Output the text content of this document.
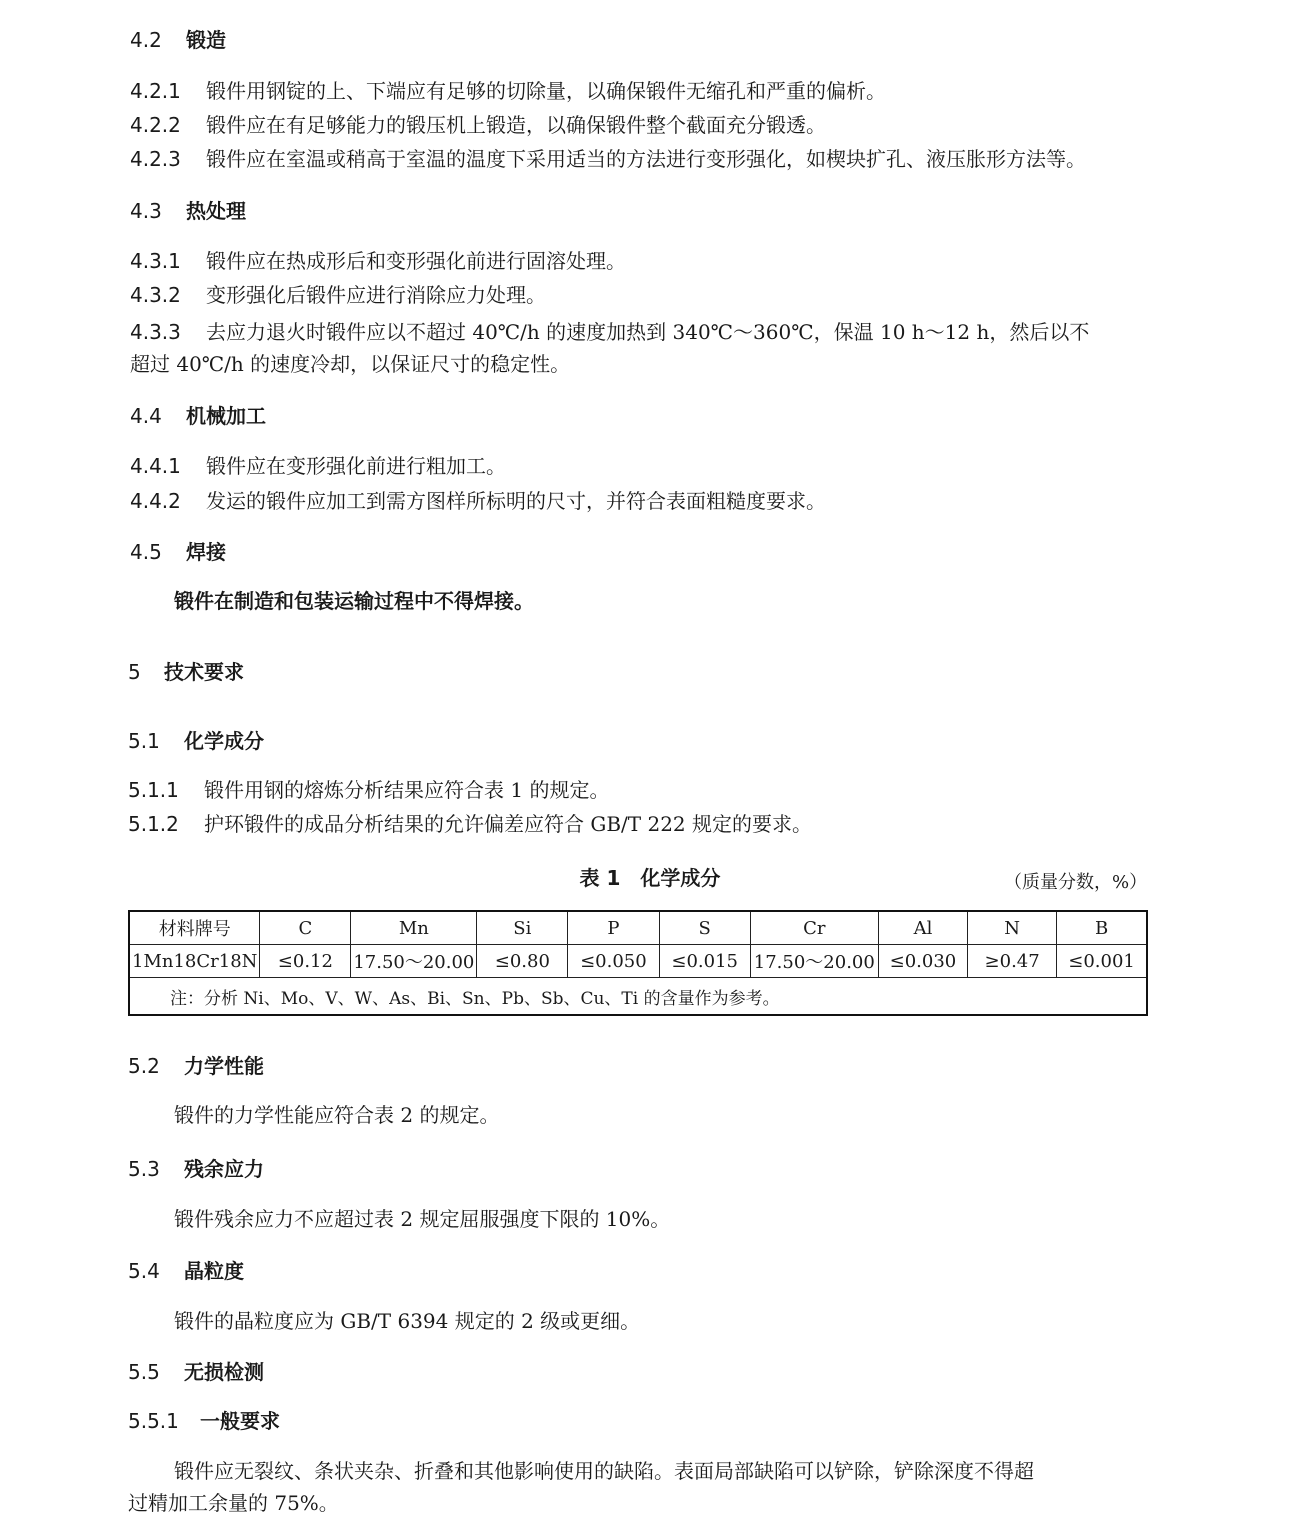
4.2 锻造
4.2.1 锻件用钢锭的上、下端应有足够的切除量，以确保锻件无缩孔和严重的偏析。
4.2.2 锻件应在有足够能力的锻压机上锻造，以确保锻件整个截面充分锻透。
4.2.3 锻件应在室温或稍高于室温的温度下采用适当的方法进行变形强化，如楔块扩孔、液压胀形方法等。
4.3 热处理
4.3.1 锻件应在热成形后和变形强化前进行固溶处理。
4.3.2 变形强化后锻件应进行消除应力处理。
4.3.3 去应力退火时锻件应以不超过 40℃/h 的速度加热到 340℃～360℃，保温 10 h～12 h，然后以不
超过 40℃/h 的速度冷却，以保证尺寸的稳定性。
4.4 机械加工
4.4.1 锻件应在变形强化前进行粗加工。
4.4.2 发运的锻件应加工到需方图样所标明的尺寸，并符合表面粗糙度要求。
4.5 焊接
锻件在制造和包装运输过程中不得焊接。
5 技术要求
5.1 化学成分
5.1.1 锻件用钢的熔炼分析结果应符合表 1 的规定。
5.1.2 护环锻件的成品分析结果的允许偏差应符合 GB/T 222 规定的要求。
表 1　化学成分	（质量分数，%）
材料牌号	C	Mn	Si	P	S	Cr	Al	N	B
1Mn18Cr18N	≤0.12	17.50～20.00	≤0.80	≤0.050	≤0.015	17.50～20.00	≤0.030	≥0.47	≤0.001
注：分析 Ni、Mo、V、W、As、Bi、Sn、Pb、Sb、Cu、Ti 的含量作为参考。									
5.2 力学性能
锻件的力学性能应符合表 2 的规定。
5.3 残余应力
锻件残余应力不应超过表 2 规定屈服强度下限的 10%。
5.4 晶粒度
锻件的晶粒度应为 GB/T 6394 规定的 2 级或更细。
5.5 无损检测
5.5.1 一般要求
锻件应无裂纹、条状夹杂、折叠和其他影响使用的缺陷。表面局部缺陷可以铲除，铲除深度不得超
过精加工余量的 75%。
